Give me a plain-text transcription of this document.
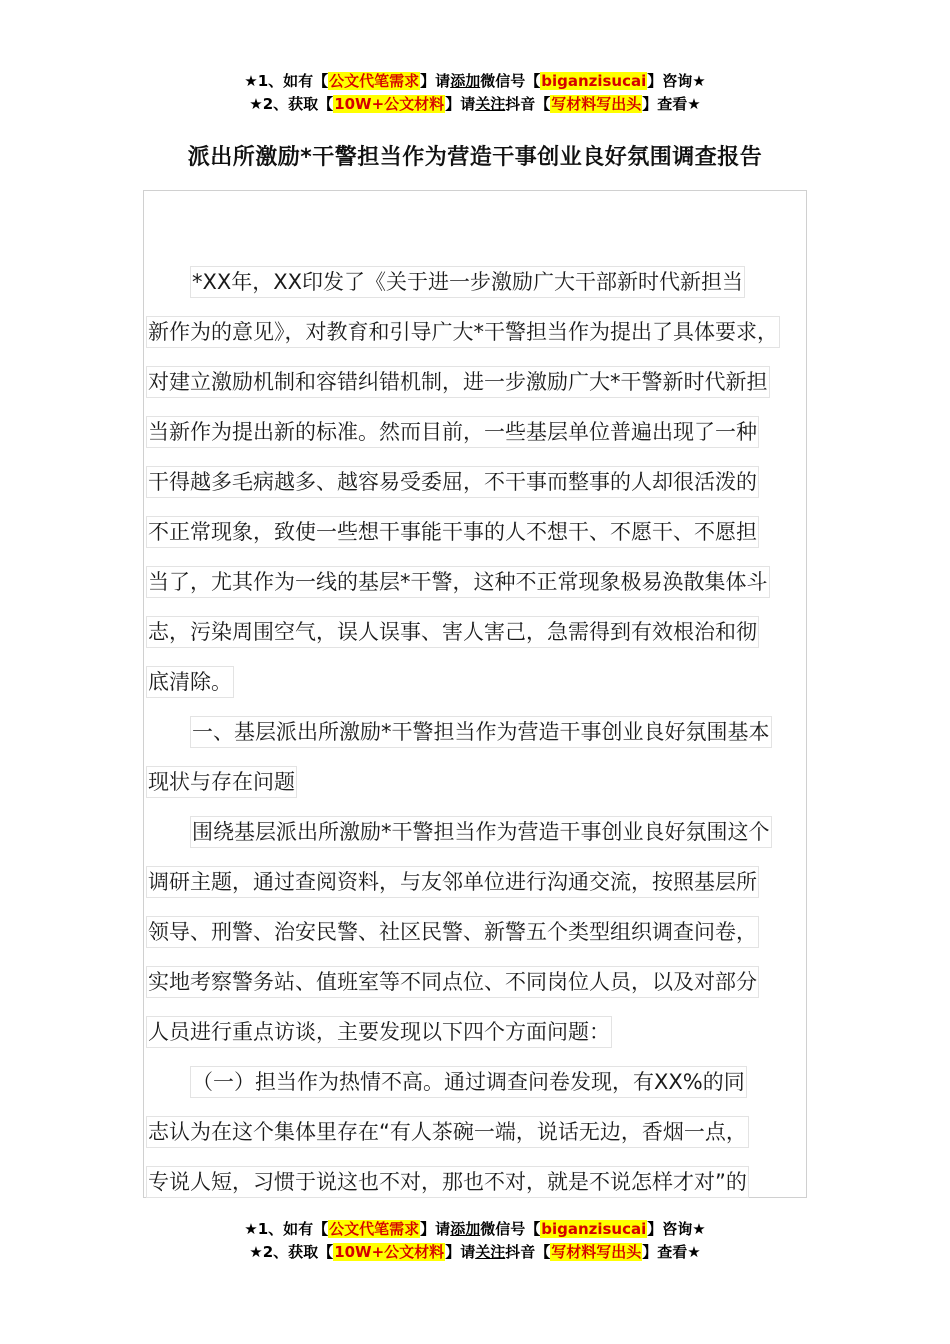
★1、如有【公文代笔需求】请添加微信号【biganzisucai】咨询★
★2、获取【10W+公文材料】请关注抖音【写材料写出头】查看★
派出所激励*干警担当作为营造干事创业良好氛围调查报告
*XX年，XX印发了《关于进一步激励广大干部新时代新担当
新作为的意见》，对教育和引导广大*干警担当作为提出了具体要求，
对建立激励机制和容错纠错机制，进一步激励广大*干警新时代新担
当新作为提出新的标准。然而目前，一些基层单位普遍出现了一种
干得越多毛病越多、越容易受委屈，不干事而整事的人却很活泼的
不正常现象，致使一些想干事能干事的人不想干、不愿干、不愿担
当了，尤其作为一线的基层*干警，这种不正常现象极易涣散集体斗
志，污染周围空气，误人误事、害人害己，急需得到有效根治和彻
底清除。
一、基层派出所激励*干警担当作为营造干事创业良好氛围基本
现状与存在问题
围绕基层派出所激励*干警担当作为营造干事创业良好氛围这个
调研主题，通过查阅资料，与友邻单位进行沟通交流，按照基层所
领导、刑警、治安民警、社区民警、新警五个类型组织调查问卷，
实地考察警务站、值班室等不同点位、不同岗位人员，以及对部分
人员进行重点访谈，主要发现以下四个方面问题：
（一）担当作为热情不高。通过调查问卷发现，有XX%的同
志认为在这个集体里存在“有人茶碗一端，说话无边，香烟一点，
专说人短，习惯于说这也不对，那也不对，就是不说怎样才对”的
★1、如有【公文代笔需求】请添加微信号【biganzisucai】咨询★
★2、获取【10W+公文材料】请关注抖音【写材料写出头】查看★
